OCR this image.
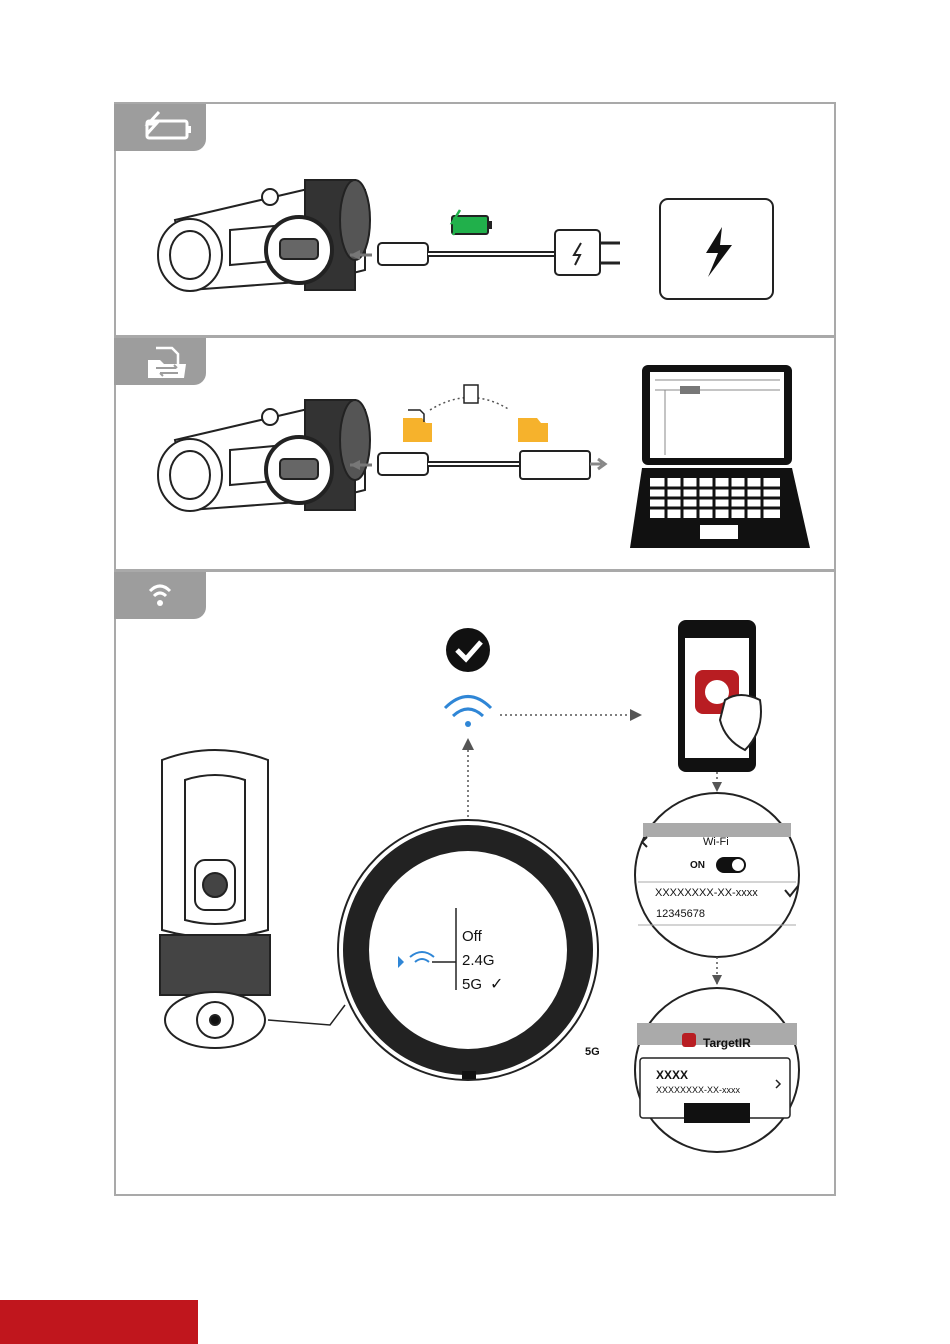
Off
2.4G
5G ✓
5G
Wi-Fi
ON
XXXXXXXX-XX-xxxx
12345678
TargetIR
XXXX
XXXXXXXX-XX-xxxx
